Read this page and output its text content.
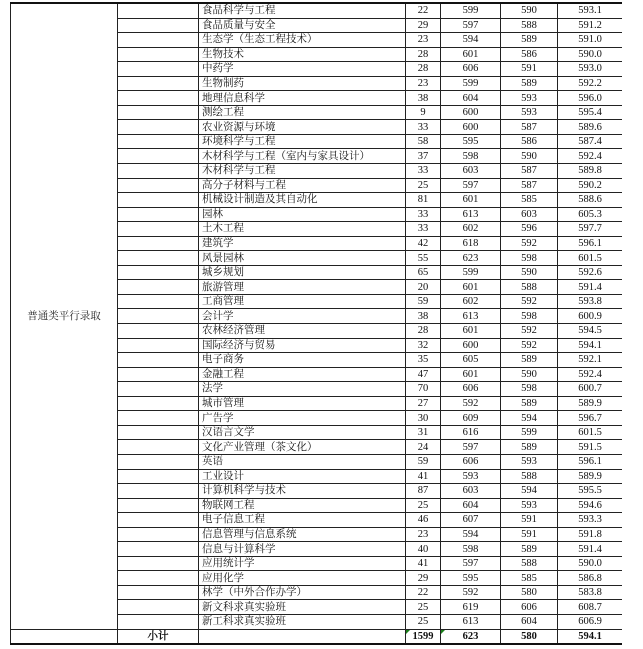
普通类平行录取		食品科学与工程	22	599	590	593.1
		食品质量与安全	29	597	588	591.2
		生态学（生态工程技术）	23	594	589	591.0
		生物技术	28	601	586	590.0
		中药学	28	606	591	593.0
		生物制药	23	599	589	592.2
		地理信息科学	38	604	593	596.0
		测绘工程	9	600	593	595.4
		农业资源与环境	33	600	587	589.6
		环境科学与工程	58	595	586	587.4
		木材科学与工程（室内与家具设计）	37	598	590	592.4
		木材科学与工程	33	603	587	589.8
		高分子材料与工程	25	597	587	590.2
		机械设计制造及其自动化	81	601	585	588.6
		园林	33	613	603	605.3
		土木工程	33	602	596	597.7
		建筑学	42	618	592	596.1
		风景园林	55	623	598	601.5
		城乡规划	65	599	590	592.6
		旅游管理	20	601	588	591.4
		工商管理	59	602	592	593.8
		会计学	38	613	598	600.9
		农林经济管理	28	601	592	594.5
		国际经济与贸易	32	600	592	594.1
		电子商务	35	605	589	592.1
		金融工程	47	601	590	592.4
		法学	70	606	598	600.7
		城市管理	27	592	589	589.9
		广告学	30	609	594	596.7
		汉语言文学	31	616	599	601.5
		文化产业管理（茶文化）	24	597	589	591.5
		英语	59	606	593	596.1
		工业设计	41	593	588	589.9
		计算机科学与技术	87	603	594	595.5
		物联网工程	25	604	593	594.6
		电子信息工程	46	607	591	593.3
		信息管理与信息系统	23	594	591	591.8
		信息与计算科学	40	598	589	591.4
		应用统计学	41	597	588	590.0
		应用化学	29	595	585	586.8
		林学（中外合作办学）	22	592	580	583.8
		新文科求真实验班	25	619	606	608.7
		新工科求真实验班	25	613	604	606.9
	小计		1599	623	580	594.1
